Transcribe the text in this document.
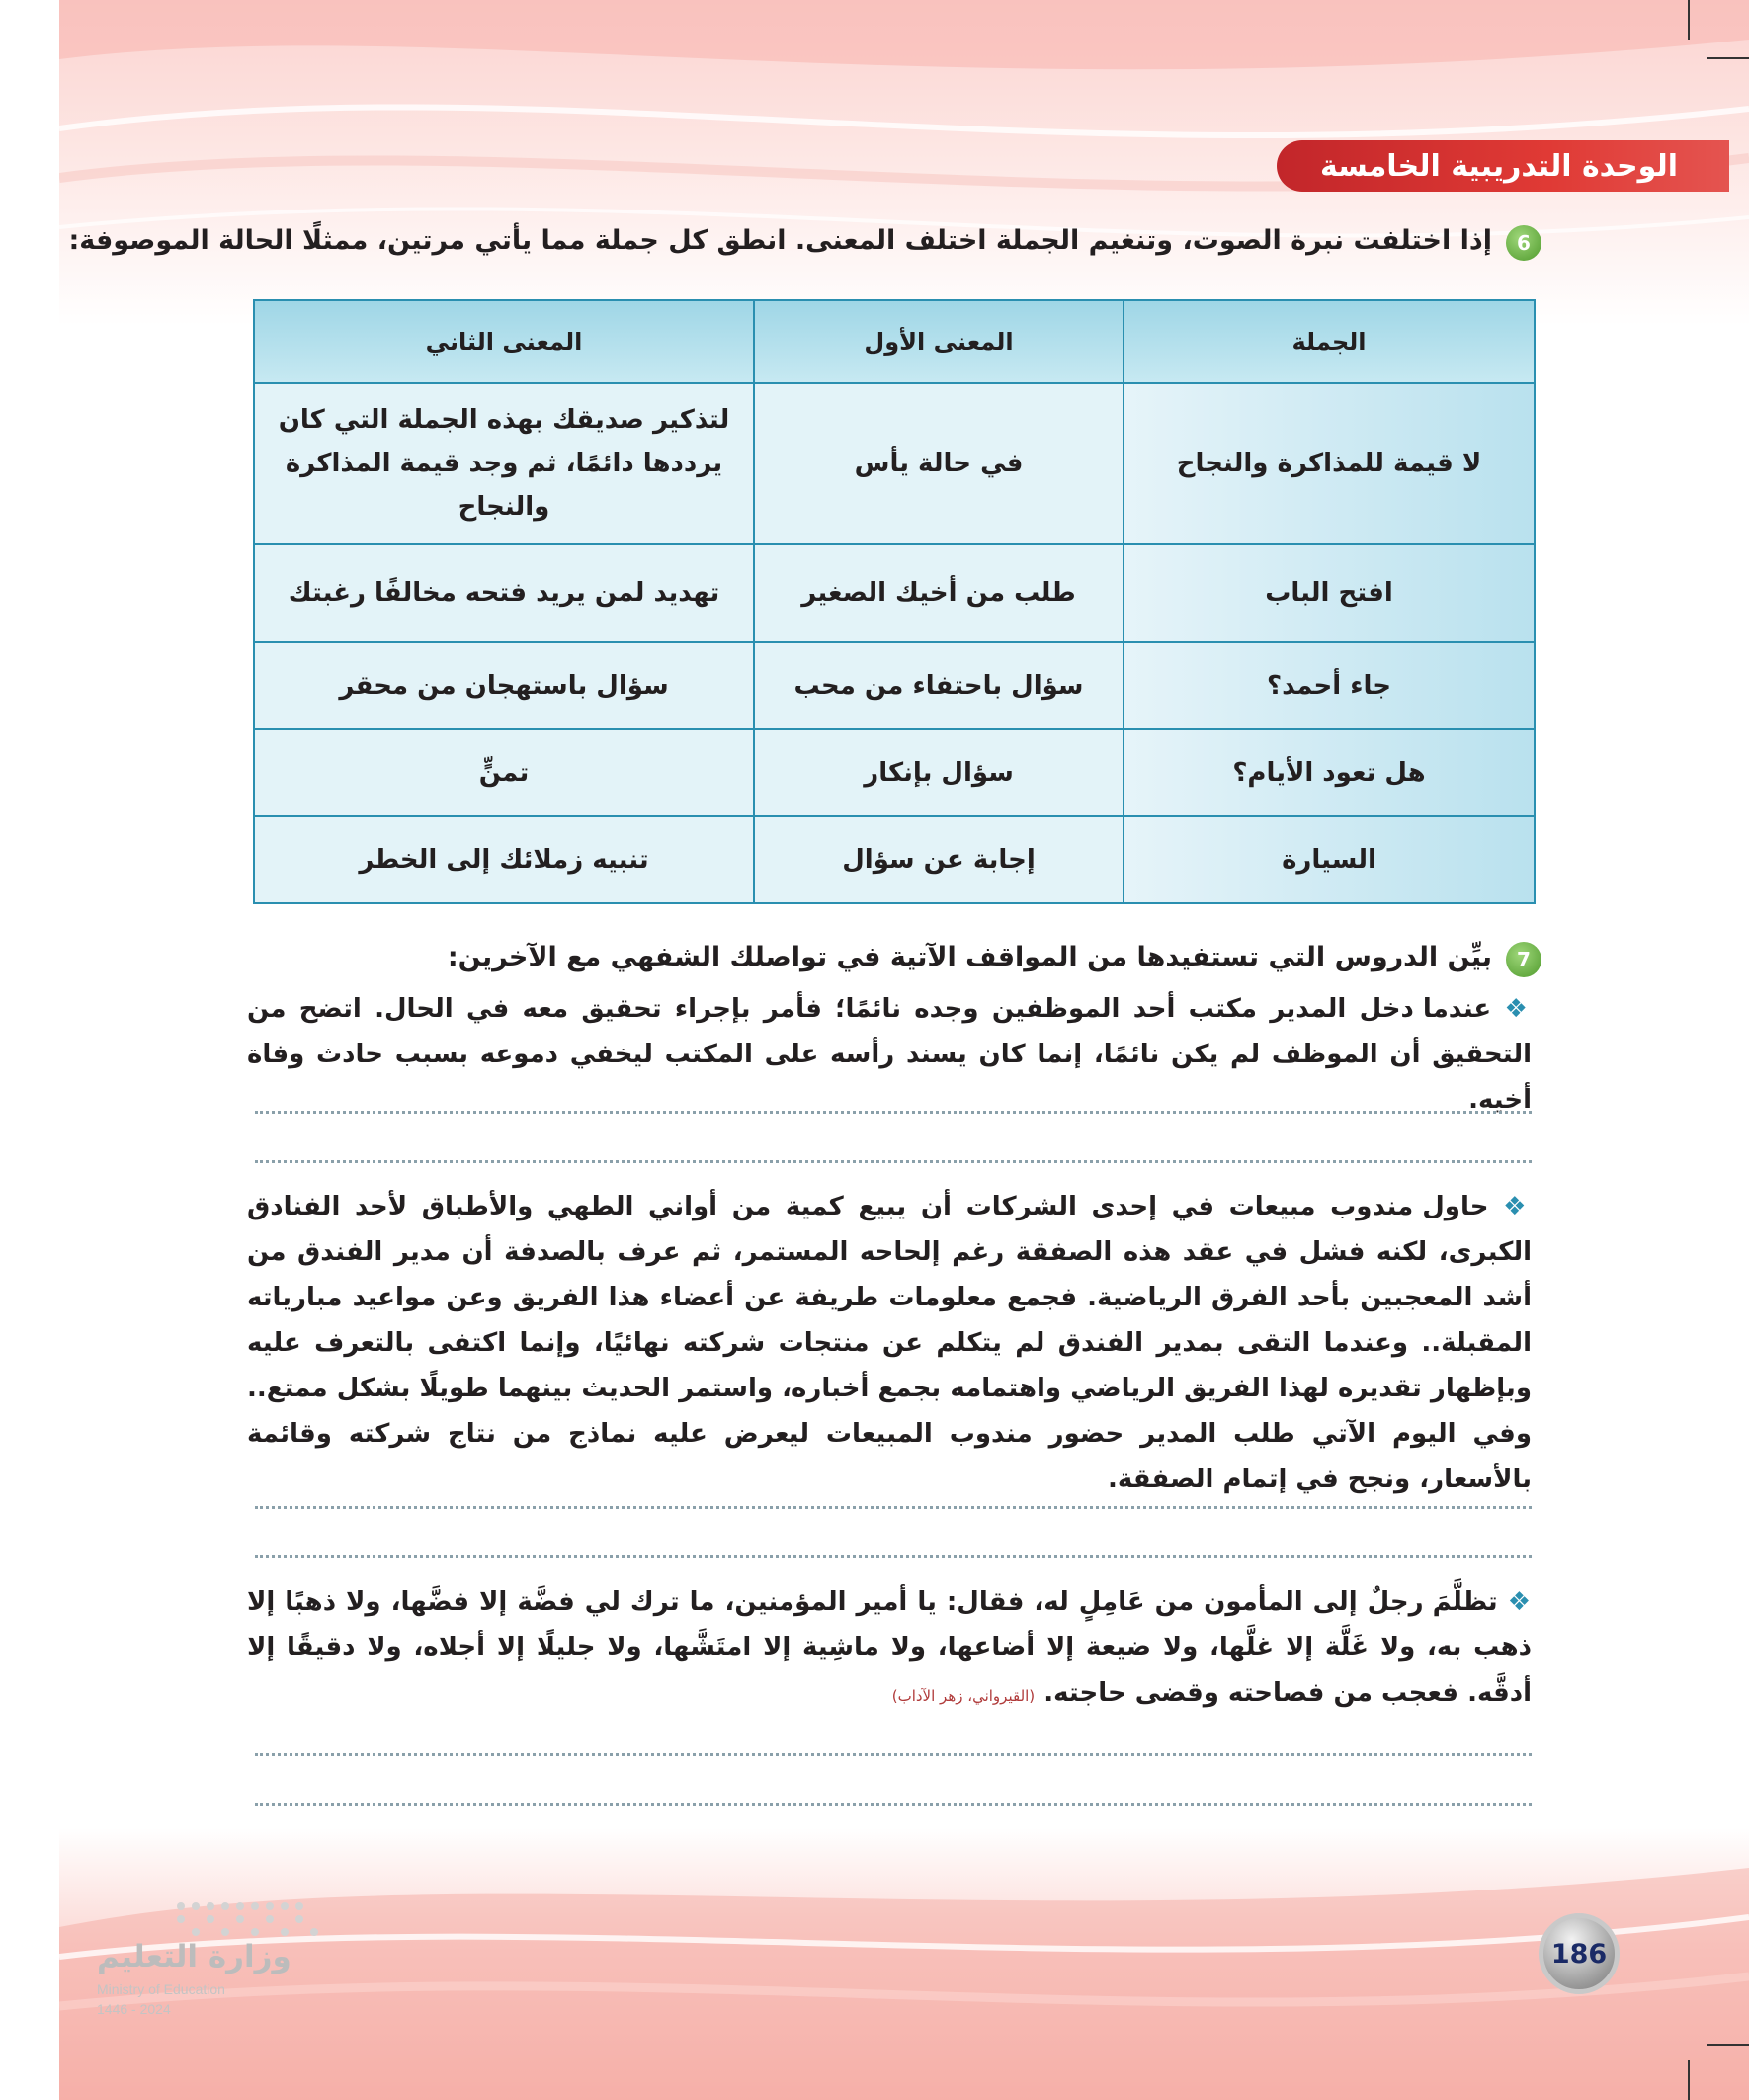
الوحدة التدريبية الخامسة
6
إذا اختلفت نبرة الصوت، وتنغيم الجملة اختلف المعنى. انطق كل جملة مما يأتي مرتين، ممثلًا الحالة الموصوفة:
الجملة	المعنى الأول	المعنى الثاني
لا قيمة للمذاكرة والنجاح	في حالة يأس	لتذكير صديقك بهذه الجملة التي كان يرددها دائمًا، ثم وجد قيمة المذاكرة والنجاح
افتح الباب	طلب من أخيك الصغير	تهديد لمن يريد فتحه مخالفًا رغبتك
جاء أحمد؟	سؤال باحتفاء من محب	سؤال باستهجان من محقر
هل تعود الأيام؟	سؤال بإنكار	تمنٍّ
السيارة	إجابة عن سؤال	تنبيه زملائك إلى الخطر
7
بيِّن الدروس التي تستفيدها من المواقف الآتية في تواصلك الشفهي مع الآخرين:
❖ عندما دخل المدير مكتب أحد الموظفين وجده نائمًا؛ فأمر بإجراء تحقيق معه في الحال. اتضح من التحقيق أن الموظف لم يكن نائمًا، إنما كان يسند رأسه على المكتب ليخفي دموعه بسبب حادث وفاة أخيه.
❖ حاول مندوب مبيعات في إحدى الشركات أن يبيع كمية من أواني الطهي والأطباق لأحد الفنادق الكبرى، لكنه فشل في عقد هذه الصفقة رغم إلحاحه المستمر، ثم عرف بالصدفة أن مدير الفندق من أشد المعجبين بأحد الفرق الرياضية. فجمع معلومات طريفة عن أعضاء هذا الفريق وعن مواعيد مبارياته المقبلة.. وعندما التقى بمدير الفندق لم يتكلم عن منتجات شركته نهائيًا، وإنما اكتفى بالتعرف عليه وبإظهار تقديره لهذا الفريق الرياضي واهتمامه بجمع أخباره، واستمر الحديث بينهما طويلًا بشكل ممتع.. وفي اليوم الآتي طلب المدير حضور مندوب المبيعات ليعرض عليه نماذج من نتاج شركته وقائمة بالأسعار، ونجح في إتمام الصفقة.
❖ تظلَّمَ رجلٌ إلى المأمون من عَامِلٍ له، فقال: يا أمير المؤمنين، ما ترك لي فضَّة إلا فضَّها، ولا ذهبًا إلا ذهب به، ولا غَلَّة إلا غلَّها، ولا ضيعة إلا أضاعها، ولا ماشِية إلا امتَشَّها، ولا جليلًا إلا أجلاه، ولا دقيقًا إلا أدقَّه. فعجب من فصاحته وقضى حاجته. (القيرواني، زهر الآداب)
186
وزارة التعليم
Ministry of Education
2024 - 1446
